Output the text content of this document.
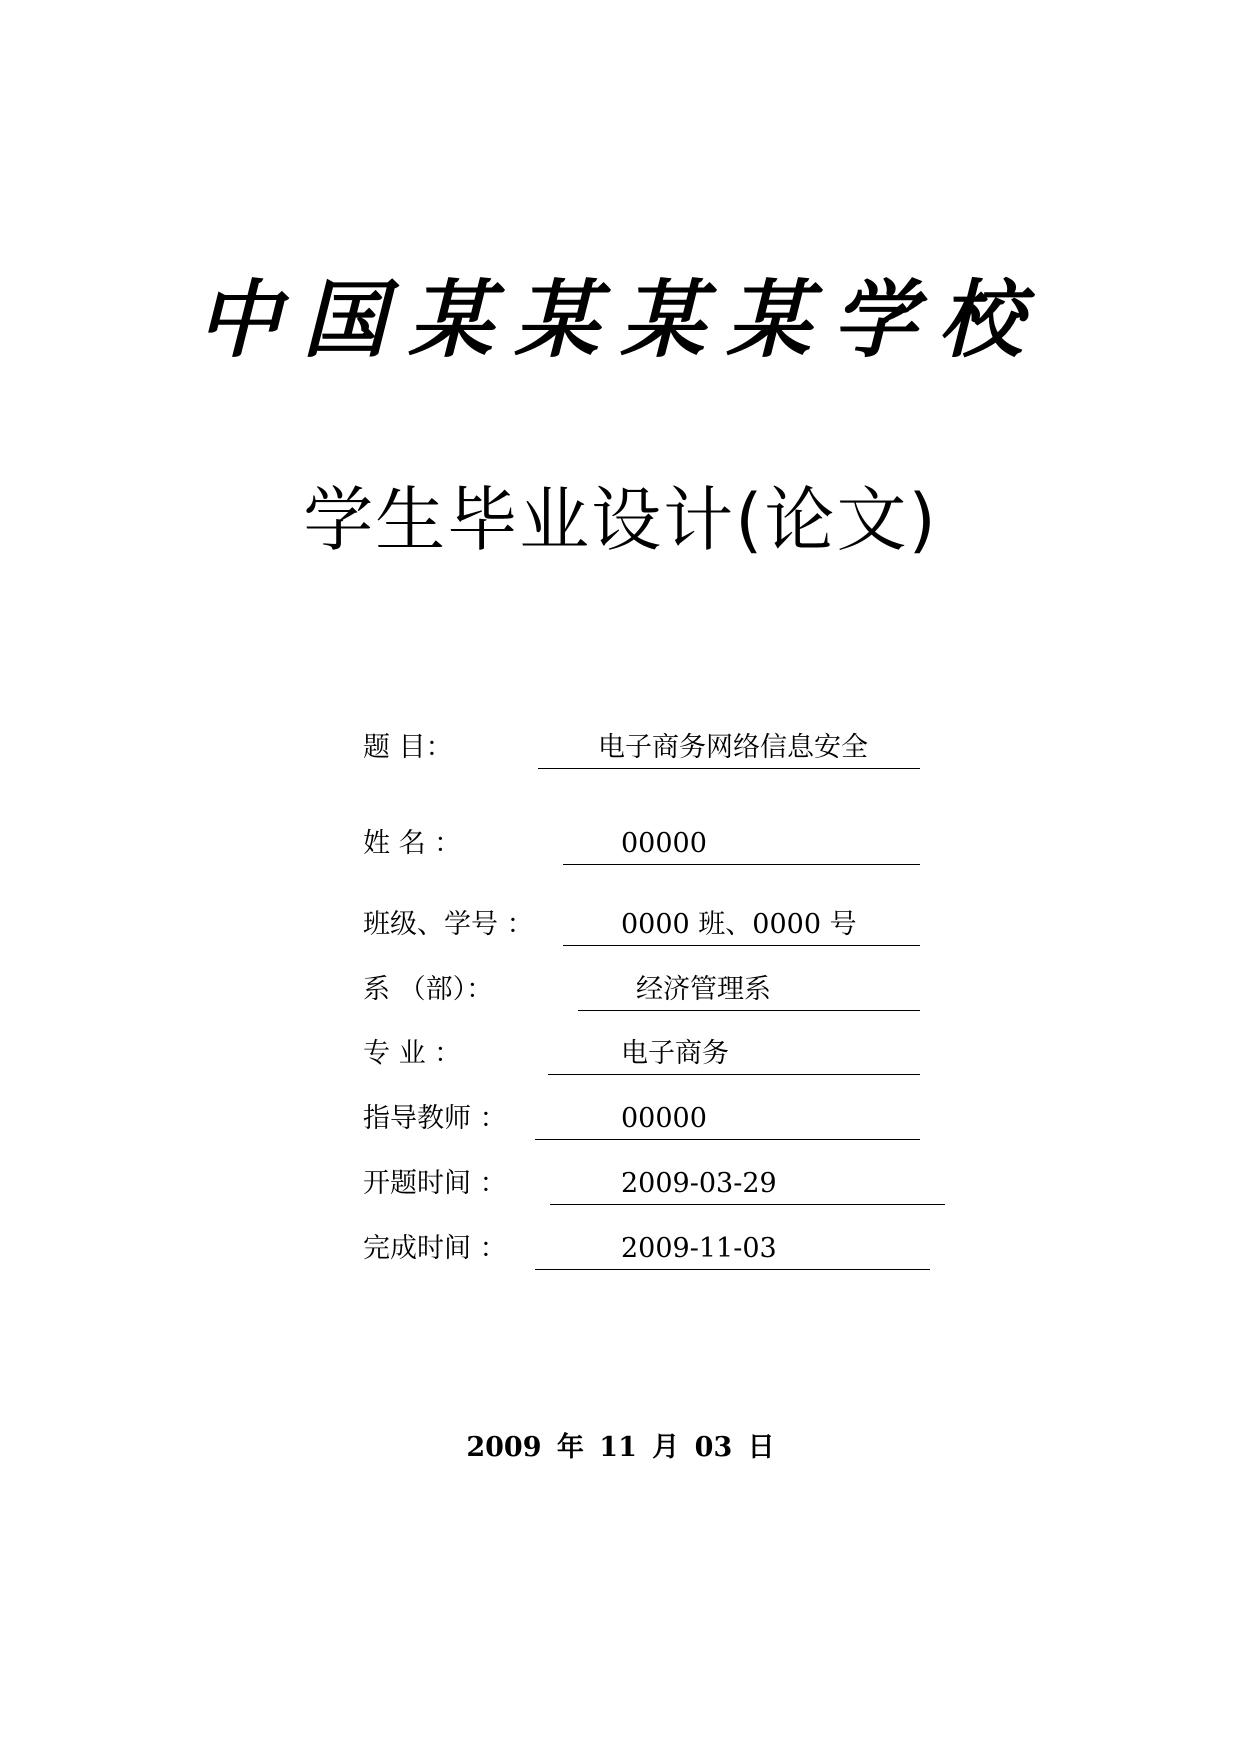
中国某某某某学校
学生毕业设计(论文)
题 目：	电子商务网络信息安全
姓 名 ：	00000
班级、学号 ：	0000 班、0000 号
系 （部）：	经济管理系
专 业 ：	电子商务
指导教师 ：	00000
开题时间 ：	2009-03-29
完成时间 ：	2009-11-03
2009 年 11 月 03 日
